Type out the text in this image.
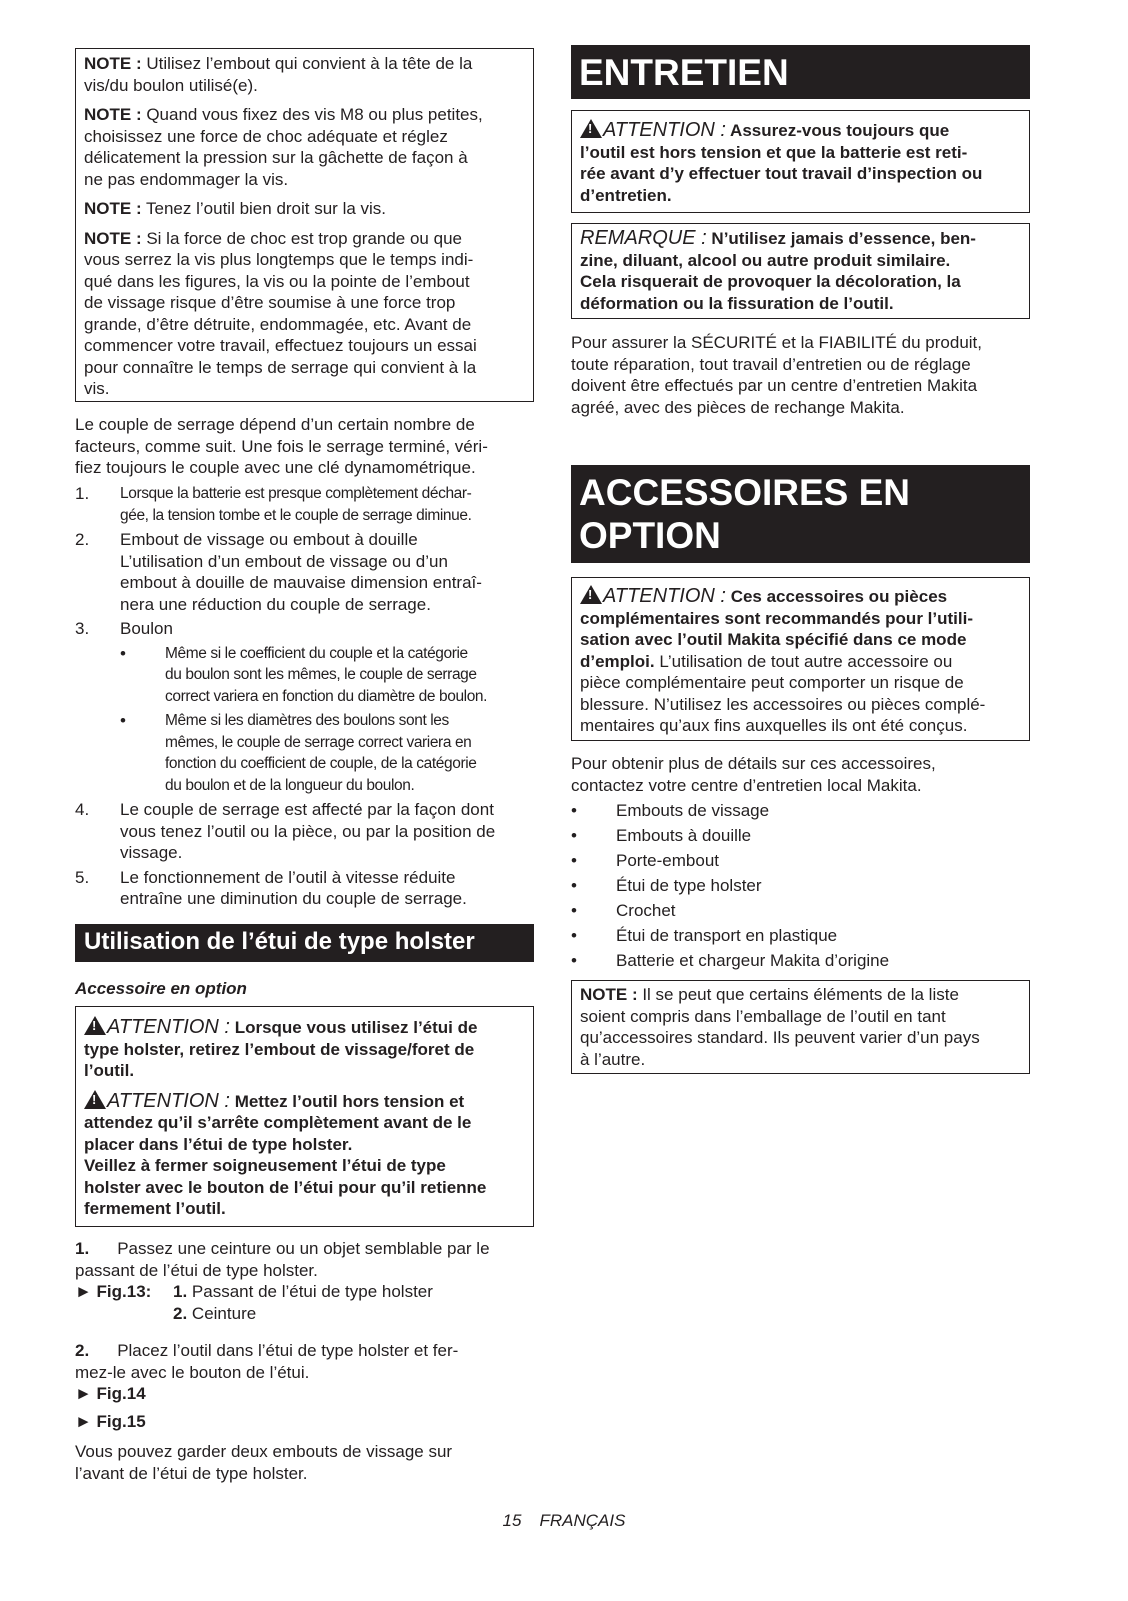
NOTE : Utilisez l’embout qui convient à la tête de la
vis/du boulon utilisé(e).

NOTE : Quand vous fixez des vis M8 ou plus petites,
choisissez une force de choc adéquate et réglez
délicatement la pression sur la gâchette de façon à
ne pas endommager la vis.

NOTE : Tenez l’outil bien droit sur la vis.

NOTE : Si la force de choc est trop grande ou que
vous serrez la vis plus longtemps que le temps indi-
qué dans les figures, la vis ou la pointe de l’embout
de vissage risque d’être soumise à une force trop
grande, d’être détruite, endommagée, etc. Avant de
commencer votre travail, effectuez toujours un essai
pour connaître le temps de serrage qui convient à la
vis.

Le couple de serrage dépend d’un certain nombre de
facteurs, comme suit. Une fois le serrage terminé, véri-
fiez toujours le couple avec une clé dynamométrique.

1.	Lorsque la batterie est presque complètement déchar-
gée, la tension tombe et le couple de serrage diminue.
2.	Embout de vissage ou embout à douille
L’utilisation d’un embout de vissage ou d’un
embout à douille de mauvaise dimension entraî-
nera une réduction du couple de serrage.
3.	Boulon
•	Même si le coefficient du couple et la catégorie
du boulon sont les mêmes, le couple de serrage
correct variera en fonction du diamètre de boulon.
•	Même si les diamètres des boulons sont les
mêmes, le couple de serrage correct variera en
fonction du coefficient de couple, de la catégorie
du boulon et de la longueur du boulon.
4.	Le couple de serrage est affecté par la façon dont
vous tenez l’outil ou la pièce, ou par la position de
vissage.
5.	Le fonctionnement de l’outil à vitesse réduite
entraîne une diminution du couple de serrage.
Utilisation de l’étui de type holster
Accessoire en option

!ATTENTION : Lorsque vous utilisez l’étui de
type holster, retirez l’embout de vissage/foret de
l’outil.

!ATTENTION : Mettez l’outil hors tension et
attendez qu’il s’arrête complètement avant de le
placer dans l’étui de type holster.
Veillez à fermer soigneusement l’étui de type
holster avec le bouton de l’étui pour qu’il retienne
fermement l’outil.

1. Passez une ceinture ou un objet semblable par le
passant de l’étui de type holster.

► Fig.13:	1. Passant de l’étui de type holster
2. Ceinture

2. Placez l’outil dans l’étui de type holster et fer-
mez-le avec le bouton de l’étui.

► Fig.14
► Fig.15

Vous pouvez garder deux embouts de vissage sur
l’avant de l’étui de type holster.

ENTRETIEN

!ATTENTION : Assurez-vous toujours que
l’outil est hors tension et que la batterie est reti-
rée avant d’y effectuer tout travail d’inspection ou
d’entretien.

REMARQUE : N’utilisez jamais d’essence, ben-
zine, diluant, alcool ou autre produit similaire.
Cela risquerait de provoquer la décoloration, la
déformation ou la fissuration de l’outil.

Pour assurer la SÉCURITÉ et la FIABILITÉ du produit,
toute réparation, tout travail d’entretien ou de réglage
doivent être effectués par un centre d’entretien Makita
agréé, avec des pièces de rechange Makita.

ACCESSOIRES EN
OPTION

!ATTENTION : Ces accessoires ou pièces
complémentaires sont recommandés pour l’utili-
sation avec l’outil Makita spécifié dans ce mode
d’emploi. L’utilisation de tout autre accessoire ou
pièce complémentaire peut comporter un risque de
blessure. N’utilisez les accessoires ou pièces complé-
mentaires qu’aux fins auxquelles ils ont été conçus.

Pour obtenir plus de détails sur ces accessoires,
contactez votre centre d’entretien local Makita.

•	Embouts de vissage
•	Embouts à douille
•	Porte-embout
•	Étui de type holster
•	Crochet
•	Étui de transport en plastique
•	Batterie et chargeur Makita d’origine

NOTE : Il se peut que certains éléments de la liste
soient compris dans l’emballage de l’outil en tant
qu’accessoires standard. Ils peuvent varier d’un pays
à l’autre.

15 FRANÇAIS
